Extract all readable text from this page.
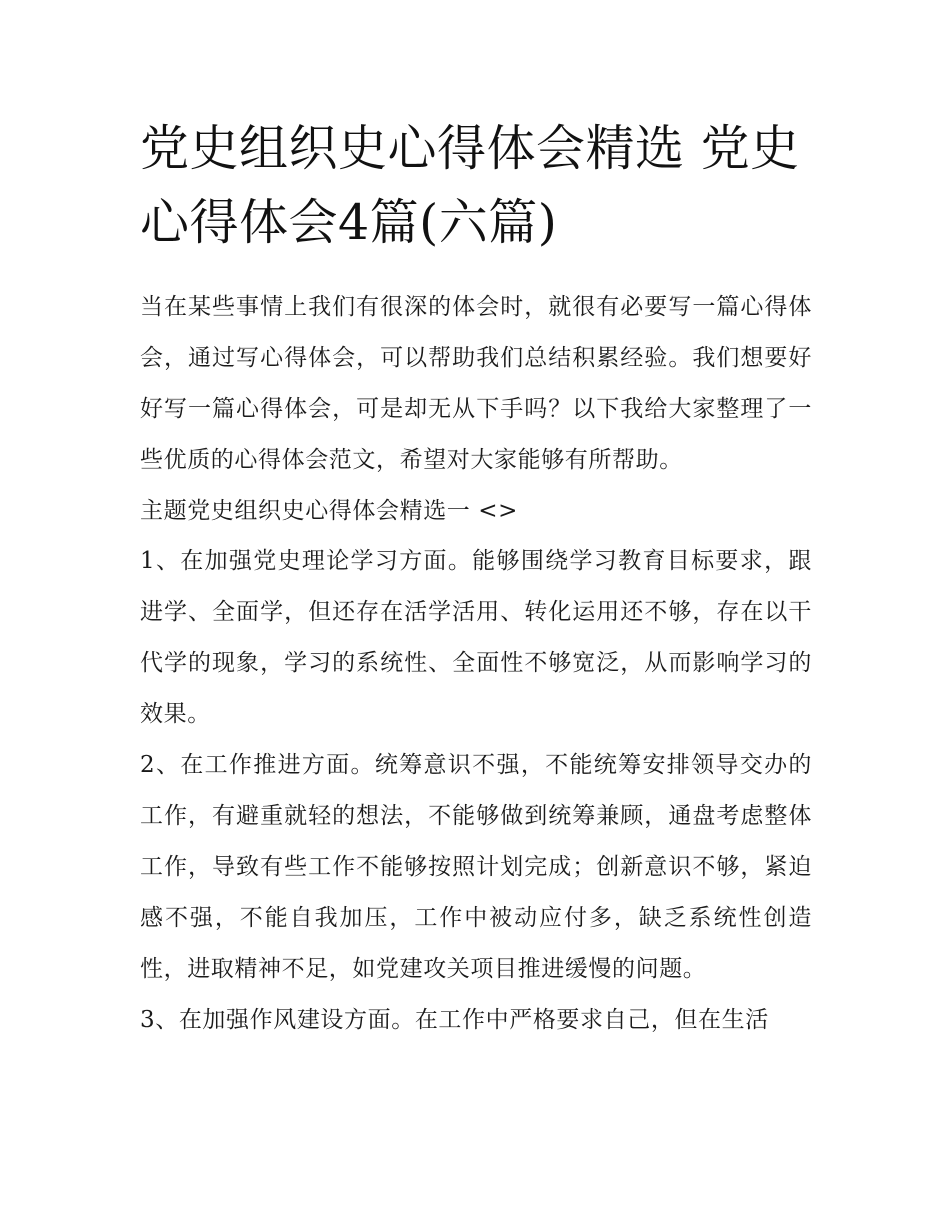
党史组织史心得体会精选 党史心得体会4篇(六篇)

当在某些事情上我们有很深的体会时，就很有必要写一篇心得体会，通过写心得体会，可以帮助我们总结积累经验。我们想要好好写一篇心得体会，可是却无从下手吗？以下我给大家整理了一些优质的心得体会范文，希望对大家能够有所帮助。

主题党史组织史心得体会精选一 <>

1、在加强党史理论学习方面。能够围绕学习教育目标要求，跟进学、全面学，但还存在活学活用、转化运用还不够，存在以干代学的现象，学习的系统性、全面性不够宽泛，从而影响学习的效果。

2、在工作推进方面。统筹意识不强，不能统筹安排领导交办的工作，有避重就轻的想法，不能够做到统筹兼顾，通盘考虑整体工作，导致有些工作不能够按照计划完成；创新意识不够，紧迫感不强，不能自我加压，工作中被动应付多，缺乏系统性创造性，进取精神不足，如党建攻关项目推进缓慢的问题。

3、在加强作风建设方面。在工作中严格要求自己，但在生活
